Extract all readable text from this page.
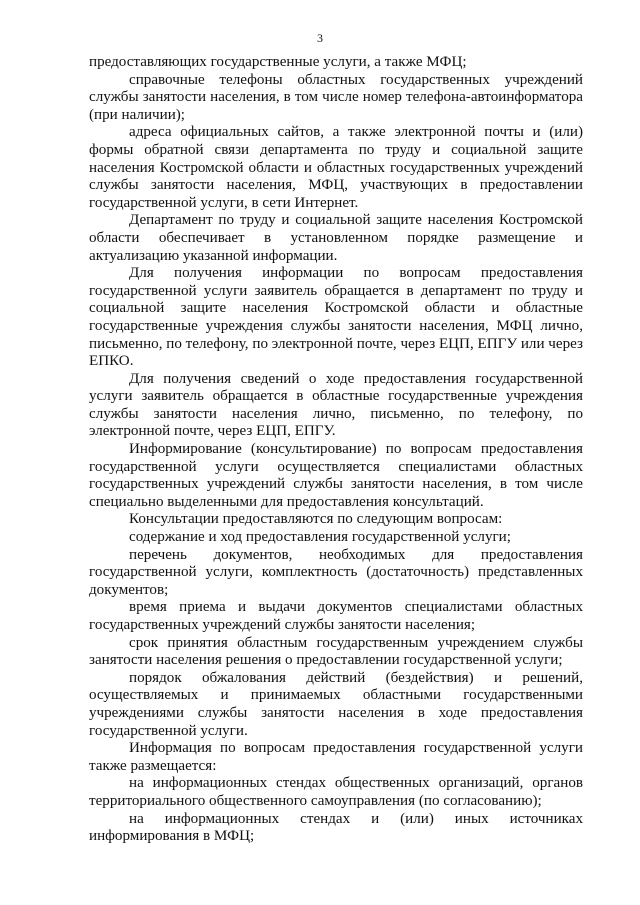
3

предоставляющих государственные услуги, а также МФЦ;

справочные телефоны областных государственных учреждений службы занятости населения, в том числе номер телефона-автоинформатора (при наличии);

адреса официальных сайтов, а также электронной почты и (или) формы обратной связи департамента по труду и социальной защите населения Костромской области и областных государственных учреждений службы занятости населения, МФЦ, участвующих в предоставлении государственной услуги, в сети Интернет.

Департамент по труду и социальной защите населения Костромской области обеспечивает в установленном порядке размещение и актуализацию указанной информации.

Для получения информации по вопросам предоставления государственной услуги заявитель обращается в департамент по труду и социальной защите населения Костромской области и областные государственные учреждения службы занятости населения, МФЦ лично, письменно, по телефону, по электронной почте, через ЕЦП, ЕПГУ или через ЕПКО.

Для получения сведений о ходе предоставления государственной услуги заявитель обращается в областные государственные учреждения службы занятости населения лично, письменно, по телефону, по электронной почте, через ЕЦП, ЕПГУ.

Информирование (консультирование) по вопросам предоставления государственной услуги осуществляется специалистами областных государственных учреждений службы занятости населения, в том числе специально выделенными для предоставления консультаций.

Консультации предоставляются по следующим вопросам:

содержание и ход предоставления государственной услуги;

перечень документов, необходимых для предоставления государственной услуги, комплектность (достаточность) представленных документов;

время приема и выдачи документов специалистами областных государственных учреждений службы занятости населения;

срок принятия областным государственным учреждением службы занятости населения решения о предоставлении государственной услуги;

порядок обжалования действий (бездействия) и решений, осуществляемых и принимаемых областными государственными учреждениями службы занятости населения в ходе предоставления государственной услуги.

Информация по вопросам предоставления государственной услуги также размещается:

на информационных стендах общественных организаций, органов территориального общественного самоуправления (по согласованию);

на информационных стендах и (или) иных источниках информирования в МФЦ;
